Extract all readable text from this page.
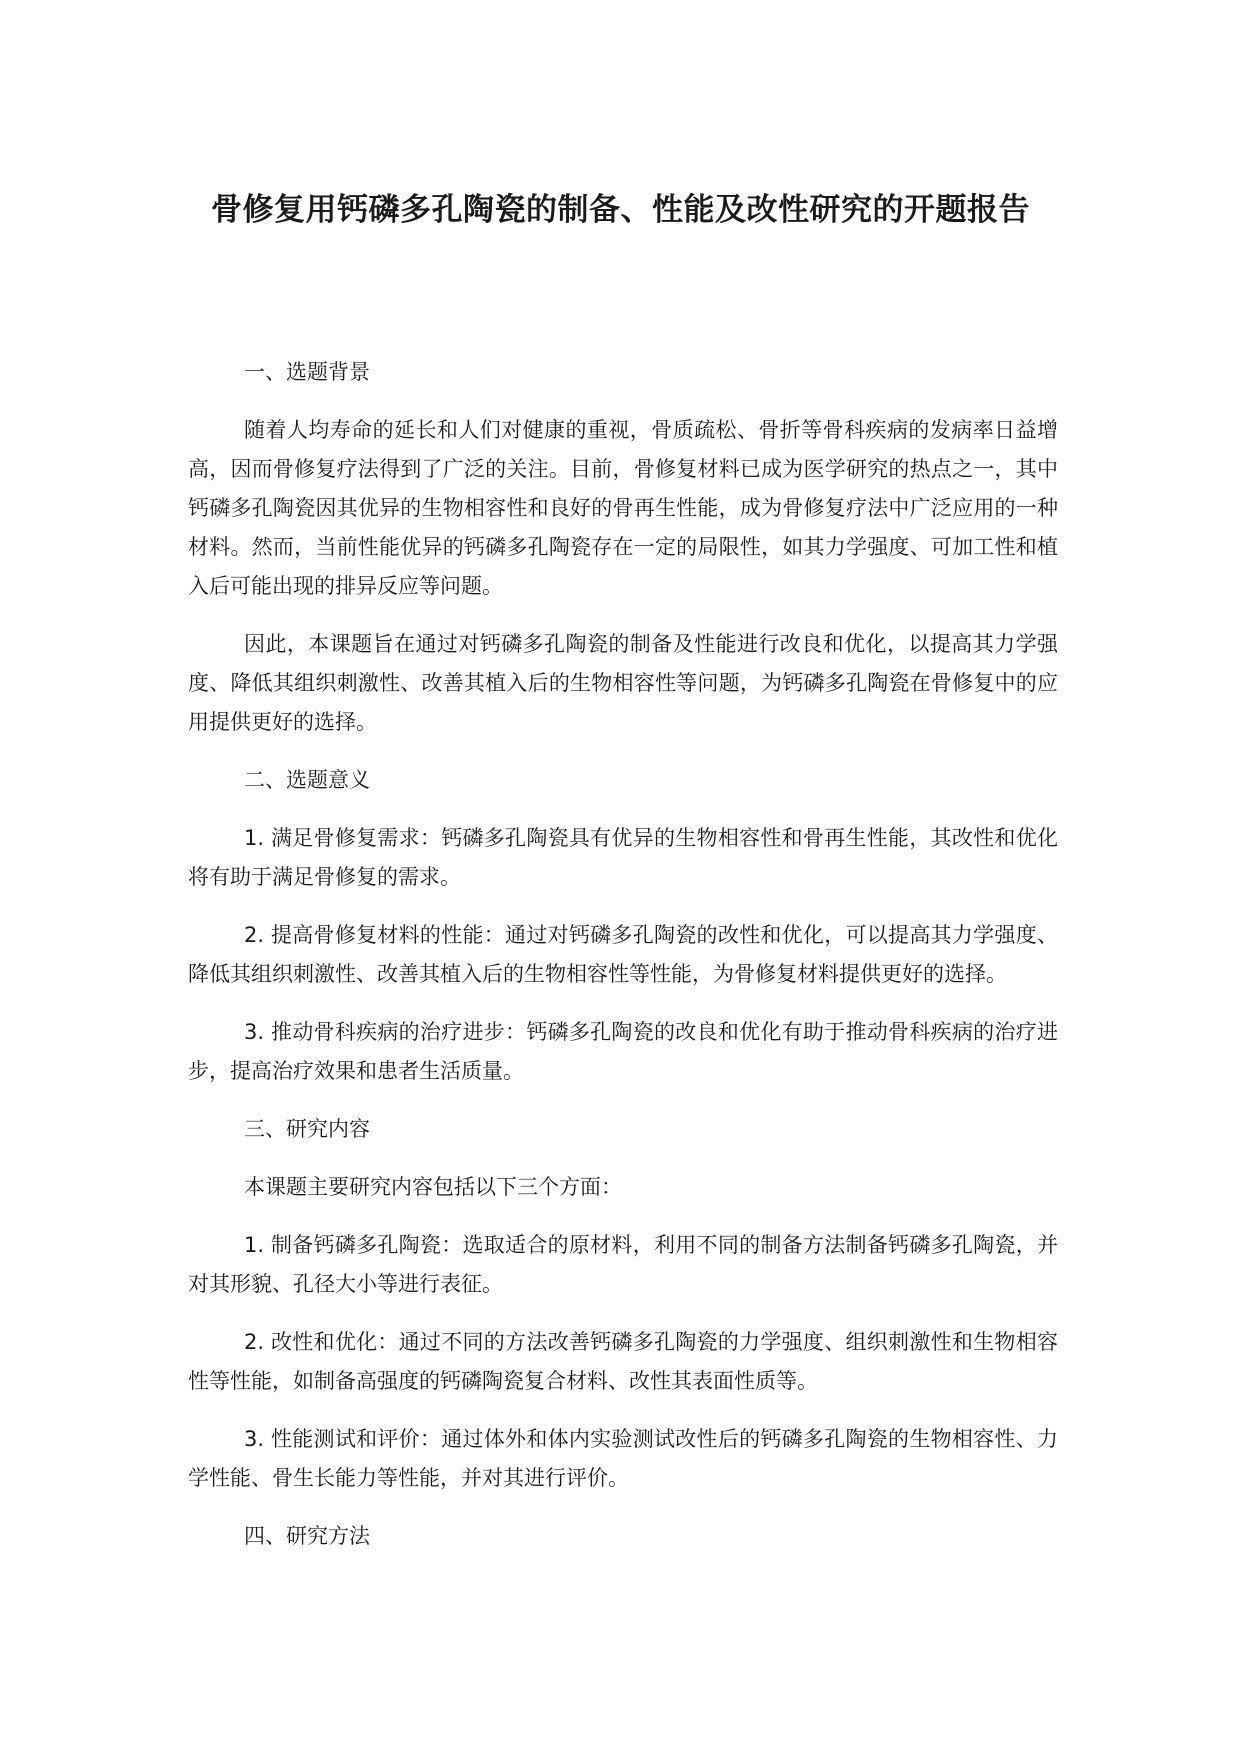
骨修复用钙磷多孔陶瓷的制备、性能及改性研究的开题报告

一、选题背景

随着人均寿命的延长和人们对健康的重视，骨质疏松、骨折等骨科疾病的发病率日益增高，因而骨修复疗法得到了广泛的关注。目前，骨修复材料已成为医学研究的热点之一，其中钙磷多孔陶瓷因其优异的生物相容性和良好的骨再生性能，成为骨修复疗法中广泛应用的一种材料。然而，当前性能优异的钙磷多孔陶瓷存在一定的局限性，如其力学强度、可加工性和植入后可能出现的排异反应等问题。

因此，本课题旨在通过对钙磷多孔陶瓷的制备及性能进行改良和优化，以提高其力学强度、降低其组织刺激性、改善其植入后的生物相容性等问题，为钙磷多孔陶瓷在骨修复中的应用提供更好的选择。

二、选题意义

1. 满足骨修复需求：钙磷多孔陶瓷具有优异的生物相容性和骨再生性能，其改性和优化将有助于满足骨修复的需求。

2. 提高骨修复材料的性能：通过对钙磷多孔陶瓷的改性和优化，可以提高其力学强度、降低其组织刺激性、改善其植入后的生物相容性等性能，为骨修复材料提供更好的选择。

3. 推动骨科疾病的治疗进步：钙磷多孔陶瓷的改良和优化有助于推动骨科疾病的治疗进步，提高治疗效果和患者生活质量。

三、研究内容

本课题主要研究内容包括以下三个方面：

1. 制备钙磷多孔陶瓷：选取适合的原材料，利用不同的制备方法制备钙磷多孔陶瓷，并对其形貌、孔径大小等进行表征。

2. 改性和优化：通过不同的方法改善钙磷多孔陶瓷的力学强度、组织刺激性和生物相容性等性能，如制备高强度的钙磷陶瓷复合材料、改性其表面性质等。

3. 性能测试和评价：通过体外和体内实验测试改性后的钙磷多孔陶瓷的生物相容性、力学性能、骨生长能力等性能，并对其进行评价。

四、研究方法
